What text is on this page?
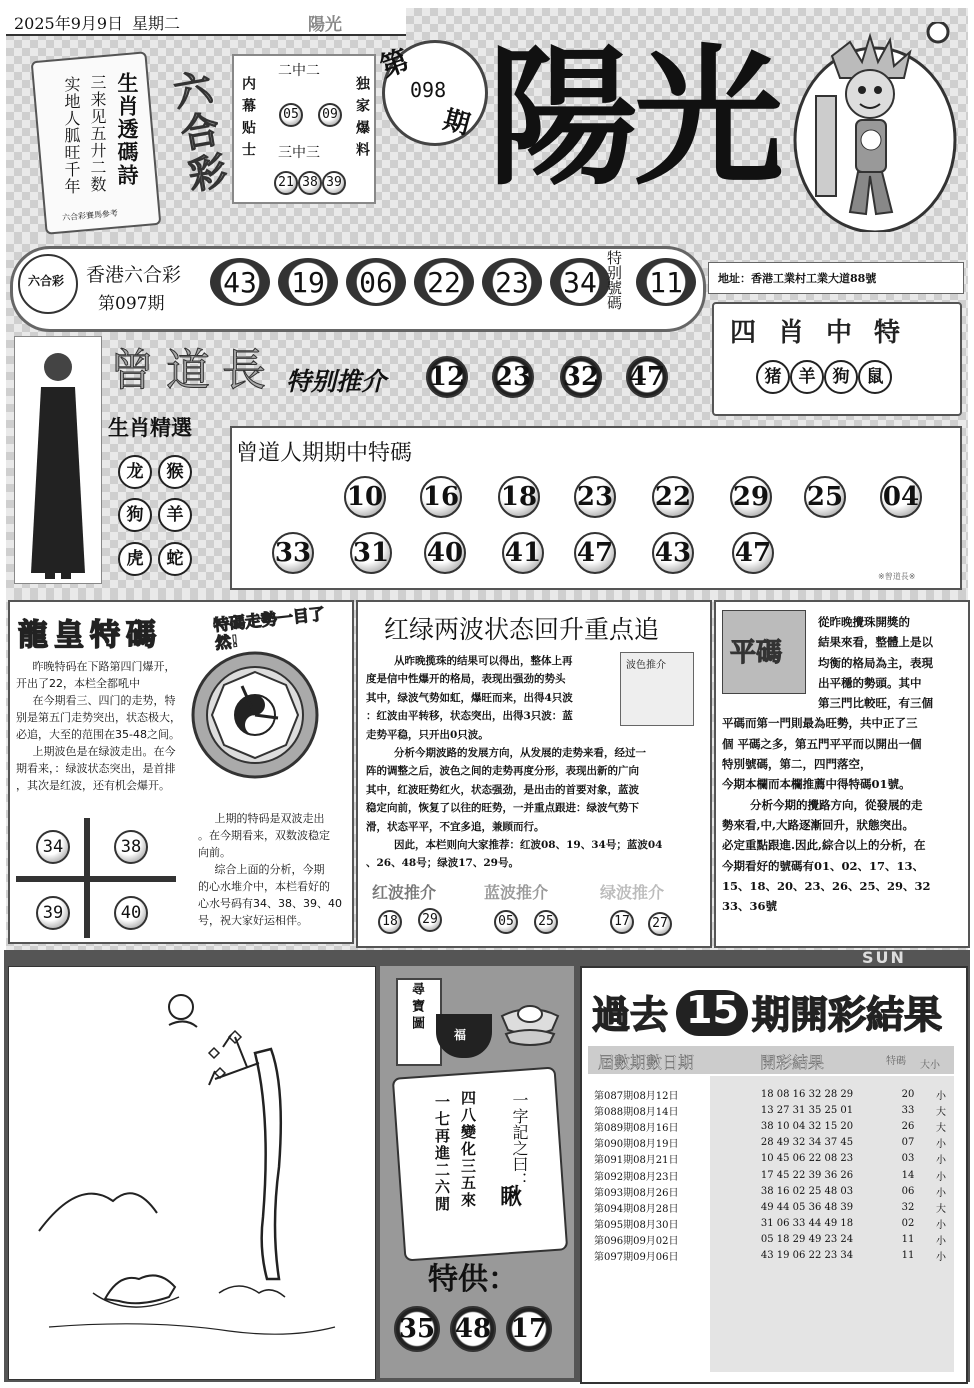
2025年9月9日 星期二	陽光
生肖透碼詩
三来见五廾二数
实地人胍旺千年
六合彩賽馬參考
六合彩 内幕贴士	独家爆料
二中二
05	09
三中三
21 38 39
第
098
期 陽光
六合彩 香港六合彩
第097期
43	19	06	22	23	34 特别號碼 11	地址：香港工業村工業大道88號
四肖中特
猪	羊	狗	鼠
曾道長 特别推介 12 23 32 47
生肖精選
龙	猴
狗	羊
虎	蛇
曾道人期期中特碼
10 16 18 23 22 29 25 04
33 31 40 41 47 43 47
※曾道長※
龍皇特碼	特碼走勢一目了然!
昨晚特码在下路第四门爆开，
开出了22，本栏全都吼中
在今期看三、四门的走势，特
别是第五门走势突出，状态极大，
必追，大至的范围在35-48之间。
上期波色是在绿波走出。在今
期看来，：绿波状态突出，是首排
，其次是红波，还有机会爆开。
34	38
39	40
上期的特码是双波走出
。在今期看来，双数波稳定
向前。
综合上面的分析，今期
的心水堆介中，本栏看好的
心水号码有34、38、39、40
号，祝大家好运相伴。
红绿两波状态回升重点追
波色推介
从昨晚揽珠的结果可以得出，整体上再
度是信中性爆开的格局，表现出强劲的势头
其中，绿波气势如虹，爆旺而来，出得4只波
：红波由平转移，状态突出，出得3只波：蓝
走势平稳，只开出0只波。
分析今期波路的发展方向，从发展的走势来看，经过一
阵的调整之后，波色之间的走势再度分形，表现出新的广向
其中，红波旺势红火，状态强劲，是出击的首要对象，蓝波
稳定向前，恢复了以往的旺势，一并重点跟进：绿波气势下
滑，状态平平，不宜多追，兼顾而行。
因此，本栏则向大家推荐：红波08、19、34号；蓝波04
、26、48号；绿波17、29号。
红波推介	蓝波推介	绿波推介
18	29	05	25	17	27
平碼
從昨晚攪珠開獎的
結果來看，整體上是以
均衡的格局為主，表現
出平穩的勢頭。其中
第三門比較旺，有三個
平碼而第一門則最為旺勢，共中正了三
個 平碼之多，第五門平平而以開出一個
特別號碼，第二，四門落空，
今期本欄而本欄推薦中得特碼01號。
分析今期的攪路方向，從發展的走
勢來看,中,大路逐漸回升，狀態突出。
必定重點跟進.因此,綜合以上的分析，在
今期看好的號碼有01、02、17、13、
15、18、20、23、26、25、29、32
33、36號
尋寶圖
福
一字記之曰：
瞅
四八變化三五來
一七再進二六閒
特供：
35 48 17
SUN
過去 15 期開彩結果
屆數期數日期	開彩結果	特碼 大小
第087期08月12日	18 08 16 32 28 29	20	小
第088期08月14日	13 27 31 35 25 01	33	大
第089期08月16日	38 10 04 32 15 20	26	大
第090期08月19日	28 49 32 34 37 45	07	小
第091期08月21日	10 45 06 22 08 23	03	小
第092期08月23日	17 45 22 39 36 26	14	小
第093期08月26日	38 16 02 25 48 03	06	小
第094期08月28日	49 44 05 36 48 39	32	大
第095期08月30日	31 06 33 44 49 18	02	小
第096期09月02日	05 18 29 49 23 24	11	小
第097期09月06日	43 19 06 22 23 34	11	小
